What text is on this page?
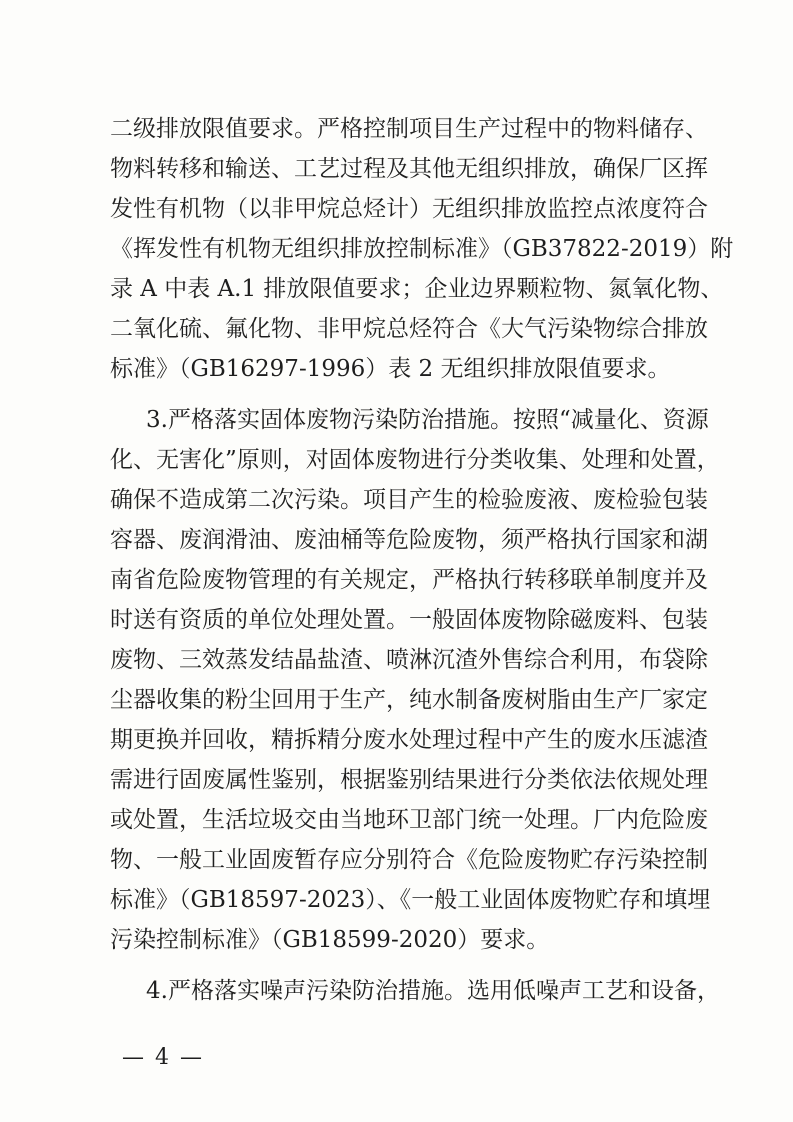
二级排放限值要求。严格控制项目生产过程中的物料储存、
物料转移和输送、工艺过程及其他无组织排放，确保厂区挥
发性有机物（以非甲烷总烃计）无组织排放监控点浓度符合
《挥发性有机物无组织排放控制标准》（GB37822-2019）附
录 A 中表 A.1 排放限值要求；企业边界颗粒物、氮氧化物、
二氧化硫、氟化物、非甲烷总烃符合《大气污染物综合排放
标准》（GB16297-1996）表 2 无组织排放限值要求。
3.严格落实固体废物污染防治措施。按照“减量化、资源
化、无害化”原则，对固体废物进行分类收集、处理和处置，
确保不造成第二次污染。项目产生的检验废液、废检验包装
容器、废润滑油、废油桶等危险废物，须严格执行国家和湖
南省危险废物管理的有关规定，严格执行转移联单制度并及
时送有资质的单位处理处置。一般固体废物除磁废料、包装
废物、三效蒸发结晶盐渣、喷淋沉渣外售综合利用，布袋除
尘器收集的粉尘回用于生产，纯水制备废树脂由生产厂家定
期更换并回收，精拆精分废水处理过程中产生的废水压滤渣
需进行固废属性鉴别，根据鉴别结果进行分类依法依规处理
或处置，生活垃圾交由当地环卫部门统一处理。厂内危险废
物、一般工业固废暂存应分别符合《危险废物贮存污染控制
标准》（GB18597-2023）、《一般工业固体废物贮存和填埋
污染控制标准》（GB18599-2020）要求。
4.严格落实噪声污染防治措施。选用低噪声工艺和设备，
— 4 —
